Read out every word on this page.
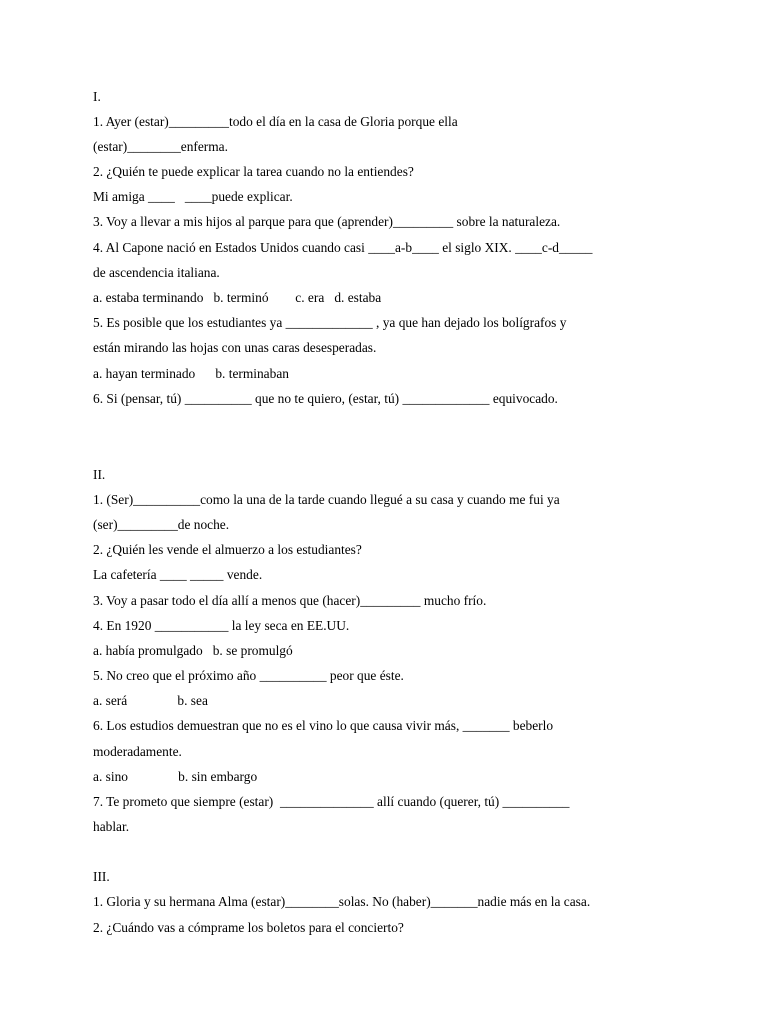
I.
1. Ayer (estar)_________todo el día en la casa de Gloria porque ella
(estar)________enferma.
2. ¿Quién te puede explicar la tarea cuando no la entiendes?
Mi amiga ____   ____puede explicar.
3. Voy a llevar a mis hijos al parque para que (aprender)_________ sobre la naturaleza.
4. Al Capone nació en Estados Unidos cuando casi ____a-b____ el siglo XIX. ____c-d_____
de ascendencia italiana.
a. estaba terminando   b. terminó        c. era   d. estaba
5. Es posible que los estudiantes ya _____________ , ya que han dejado los bolígrafos y
están mirando las hojas con unas caras desesperadas.
a. hayan terminado      b. terminaban
6. Si (pensar, tú) __________ que no te quiero, (estar, tú) _____________ equivocado.
II.
1. (Ser)__________como la una de la tarde cuando llegué a su casa y cuando me fui ya
(ser)_________de noche.
2. ¿Quién les vende el almuerzo a los estudiantes?
La cafetería ____ _____ vende.
3. Voy a pasar todo el día allí a menos que (hacer)_________ mucho frío.
4. En 1920 ___________ la ley seca en EE.UU.
a. había promulgado   b. se promulgó
5. No creo que el próximo año __________ peor que éste.
a. será               b. sea
6. Los estudios demuestran que no es el vino lo que causa vivir más, _______ beberlo
moderadamente.
a. sino               b. sin embargo
7. Te prometo que siempre (estar)  ______________ allí cuando (querer, tú) __________
hablar.
III.
1. Gloria y su hermana Alma (estar)________solas. No (haber)_______nadie más en la casa.
2. ¿Cuándo vas a cómprame los boletos para el concierto?
